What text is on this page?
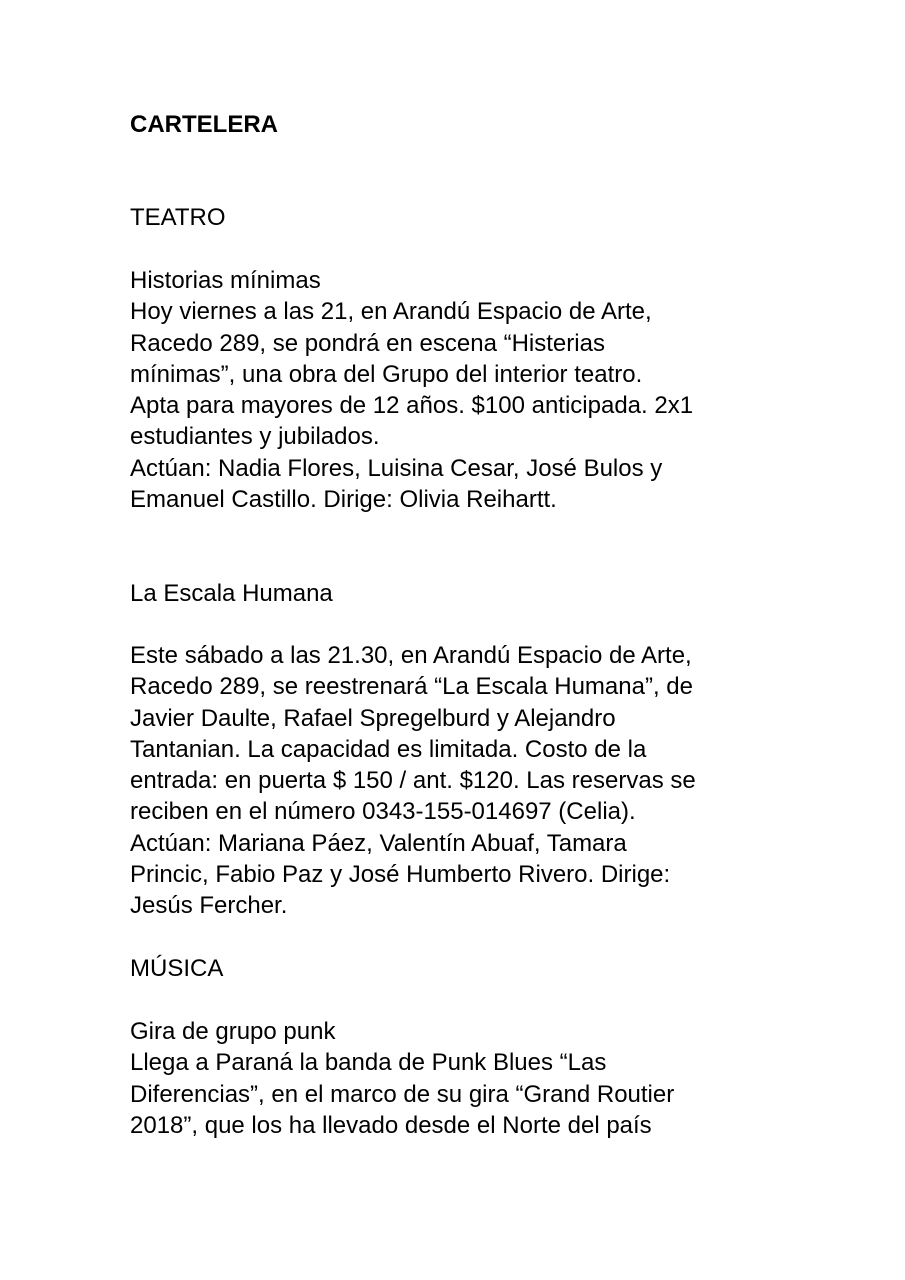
CARTELERA
TEATRO
Historias mínimas
Hoy viernes a las 21, en Arandú Espacio de Arte,
Racedo 289, se pondrá en escena “Histerias
mínimas”, una obra del Grupo del interior teatro.
Apta para mayores de 12 años. $100 anticipada. 2x1
estudiantes y jubilados.
Actúan: Nadia Flores, Luisina Cesar, José Bulos y
Emanuel Castillo. Dirige: Olivia Reihartt.
La Escala Humana
Este sábado a las 21.30, en Arandú Espacio de Arte,
Racedo 289, se reestrenará “La Escala Humana”, de
Javier Daulte, Rafael Spregelburd y Alejandro
Tantanian. La capacidad es limitada. Costo de la
entrada: en puerta $ 150 / ant. $120. Las reservas se
reciben en el número 0343-155-014697 (Celia).
Actúan: Mariana Páez, Valentín Abuaf, Tamara
Princic, Fabio Paz y José Humberto Rivero. Dirige:
Jesús Fercher.
MÚSICA
Gira de grupo punk
Llega a Paraná la banda de Punk Blues “Las
Diferencias”, en el marco de su gira “Grand Routier
2018”, que los ha llevado desde el Norte del país
